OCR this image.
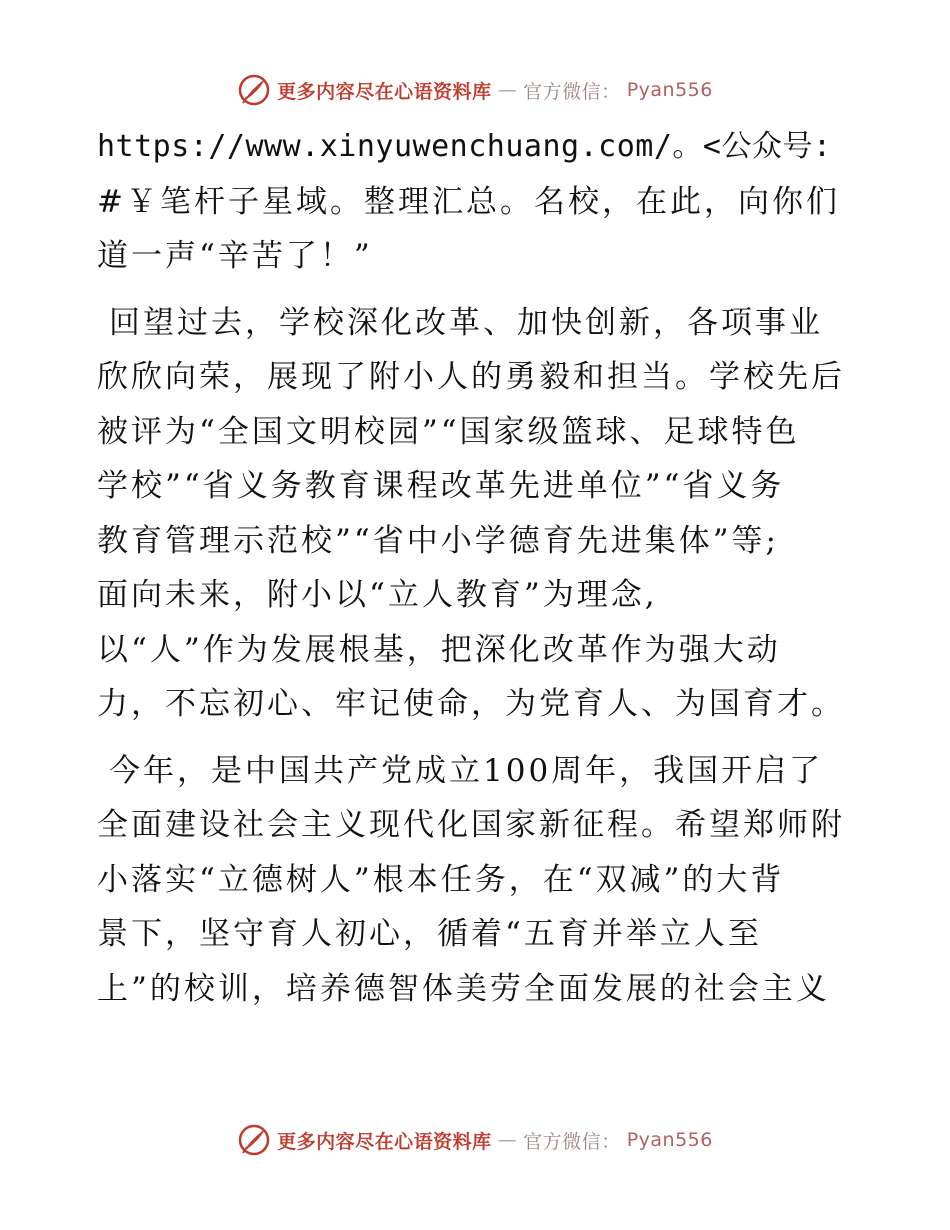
更多内容尽在心语资料库 — 官方微信： Pyan556
https://www.xinyuwenchuang.com/。<公众号:
#￥笔杆子星域。整理汇总。名校，在此，向你们
道一声“辛苦了！”
回望过去，学校深化改革、加快创新，各项事业
欣欣向荣，展现了附小人的勇毅和担当。学校先后
被评为“全国文明校园”“国家级篮球、足球特色
学校”“省义务教育课程改革先进单位”“省义务
教育管理示范校”“省中小学德育先进集体”等;
面向未来，附小以“立人教育”为理念,
以“人”作为发展根基，把深化改革作为强大动
力，不忘初心、牢记使命，为党育人、为国育才。
今年，是中国共产党成立100周年，我国开启了
全面建设社会主义现代化国家新征程。希望郑师附
小落实“立德树人”根本任务，在“双减”的大背
景下，坚守育人初心，循着“五育并举立人至
上”的校训，培养德智体美劳全面发展的社会主义
更多内容尽在心语资料库 — 官方微信： Pyan556
